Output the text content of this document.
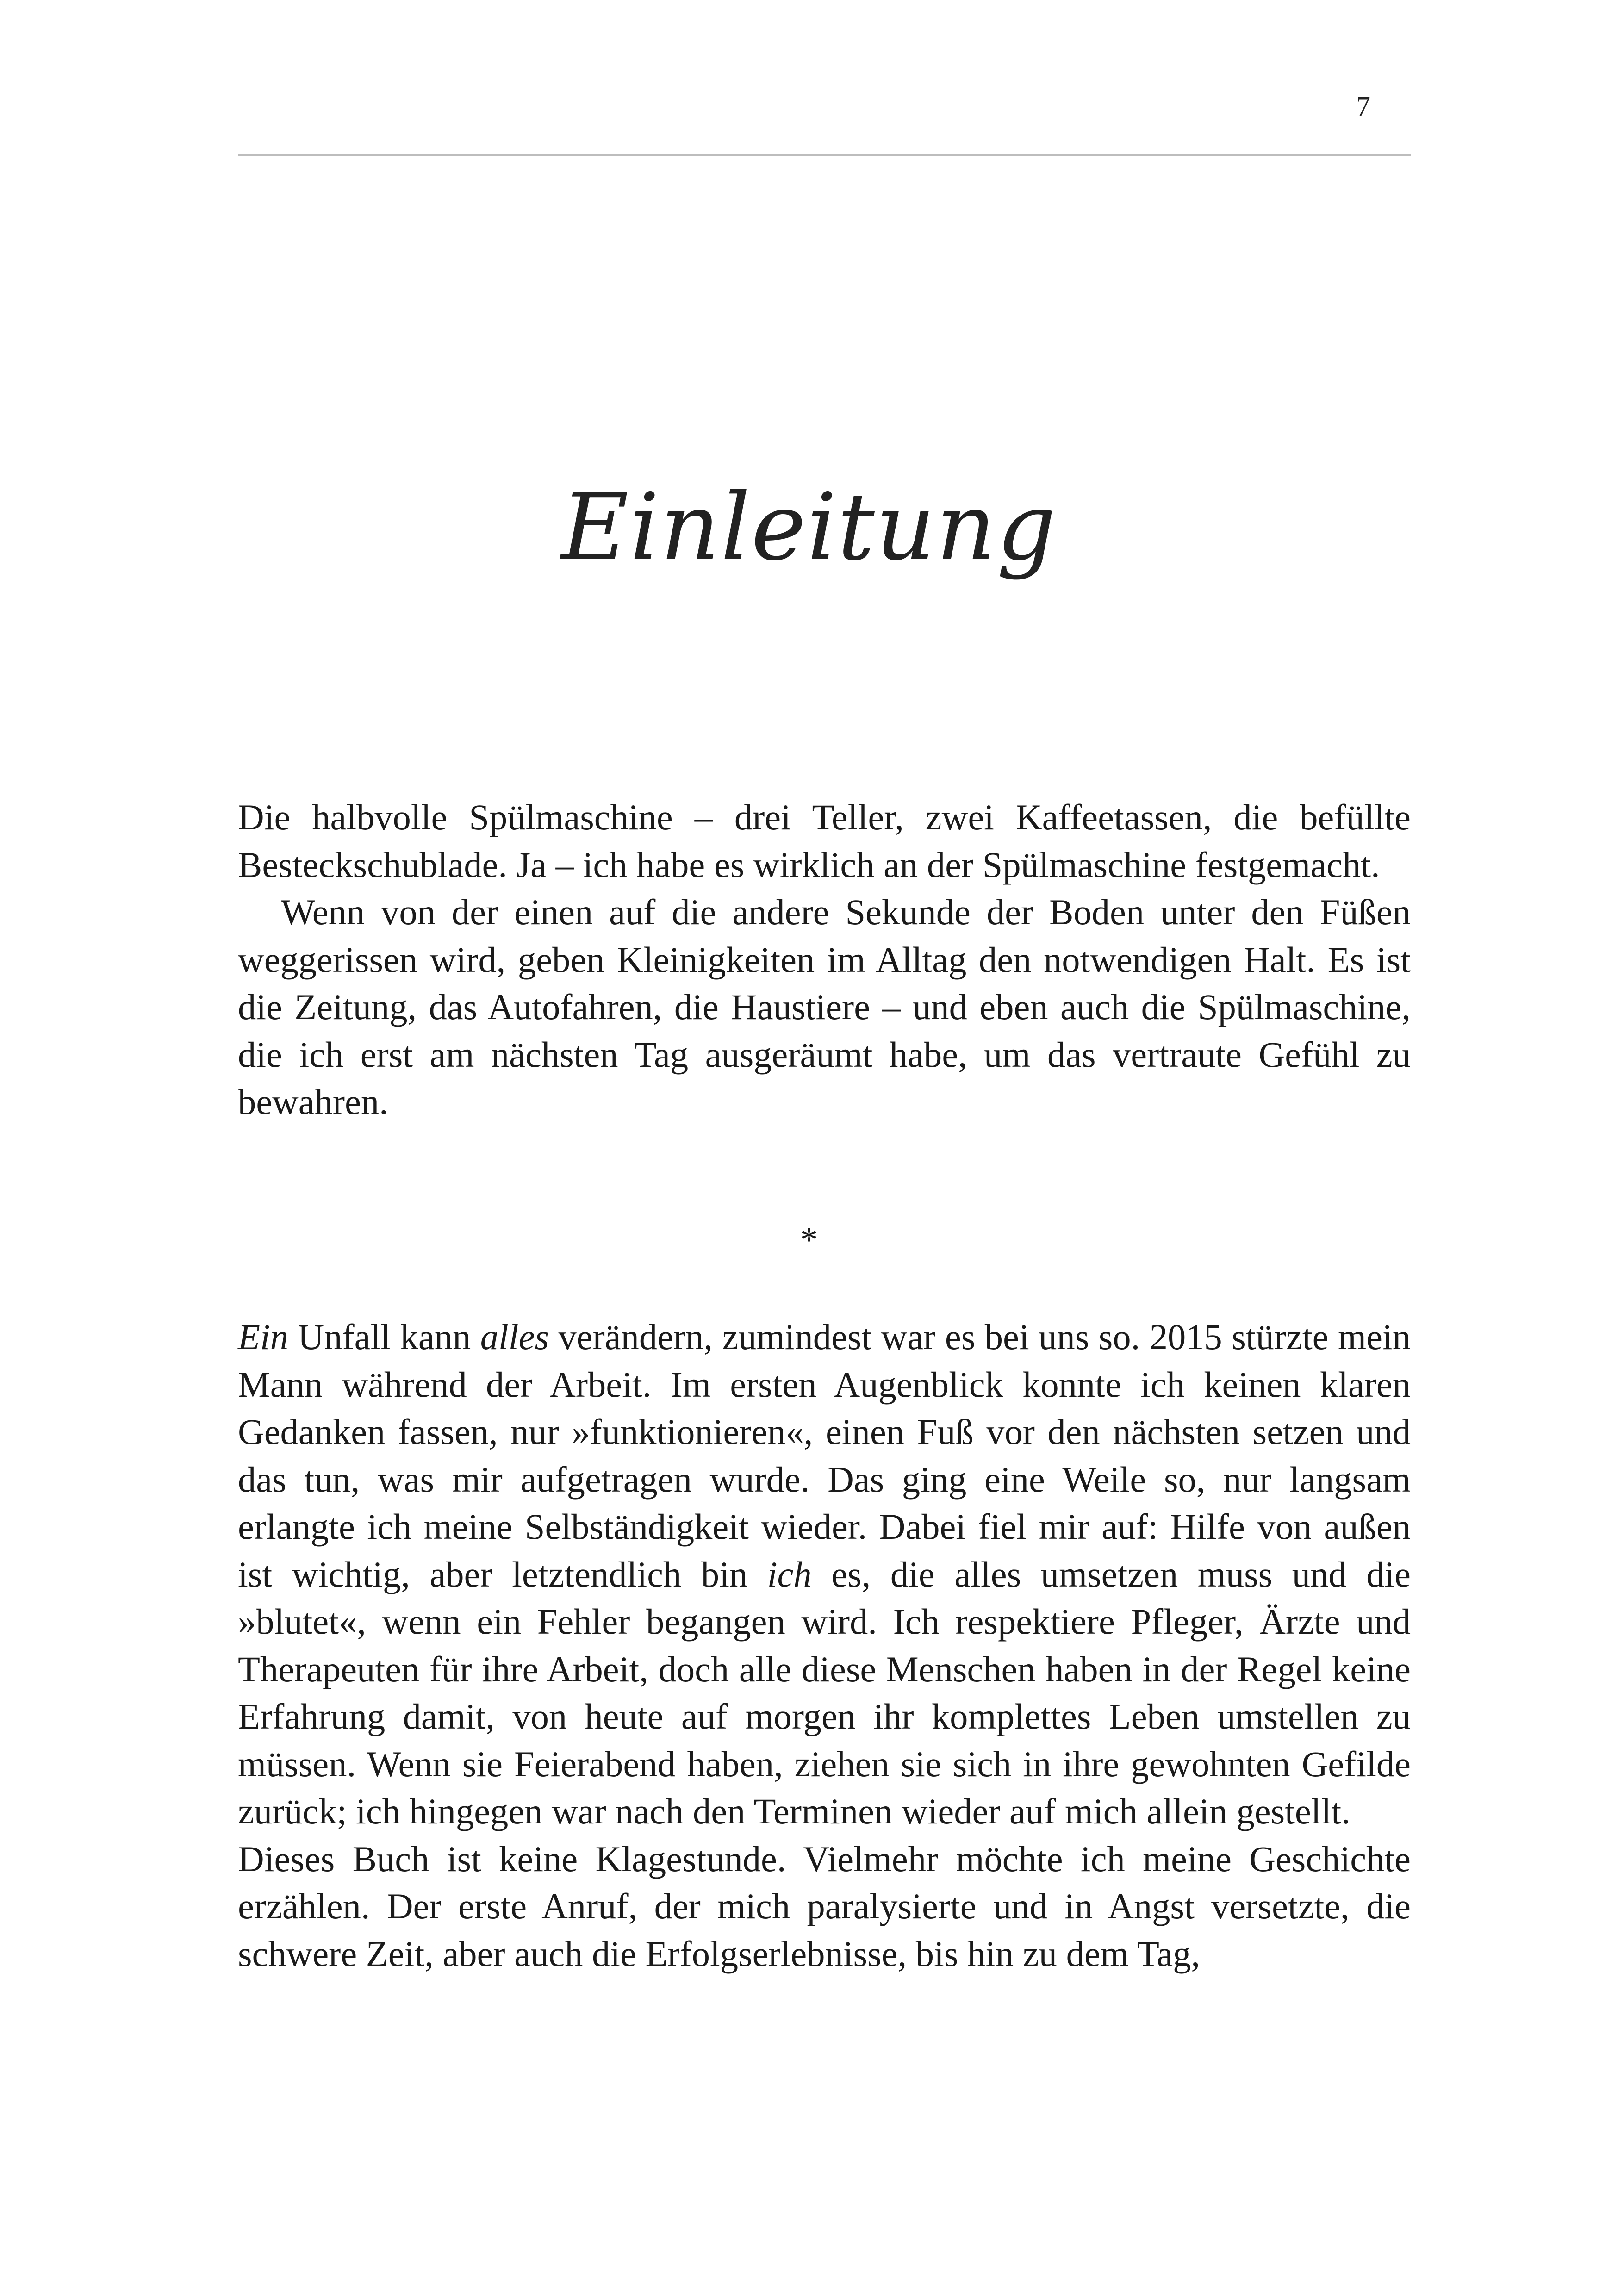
7
Einleitung

Die halbvolle Spülmaschine – drei Teller, zwei Kaffeetassen, die befüllte Besteckschublade. Ja – ich habe es wirklich an der Spülmaschine festgemacht.

Wenn von der einen auf die andere Sekunde der Boden unter den Füßen weggerissen wird, geben Kleinigkeiten im Alltag den notwendigen Halt. Es ist die Zeitung, das Autofahren, die Haustiere – und eben auch die Spülmaschine, die ich erst am nächsten Tag ausgeräumt habe, um das vertraute Gefühl zu bewahren.

*

Ein Unfall kann alles verändern, zumindest war es bei uns so. 2015 stürzte mein Mann während der Arbeit. Im ersten Augenblick konnte ich keinen klaren Gedanken fassen, nur »funktionieren«, einen Fuß vor den nächsten setzen und das tun, was mir aufgetragen wurde. Das ging eine Weile so, nur langsam erlangte ich meine Selbständigkeit wieder. Dabei fiel mir auf: Hilfe von außen ist wichtig, aber letztendlich bin ich es, die alles umsetzen muss und die »blutet«, wenn ein Fehler begangen wird. Ich respektiere Pfleger, Ärzte und Therapeuten für ihre Arbeit, doch alle diese Menschen haben in der Regel keine Erfahrung damit, von heute auf morgen ihr komplettes Leben umstellen zu müssen. Wenn sie Feierabend haben, ziehen sie sich in ihre gewohnten Gefilde zurück; ich hingegen war nach den Terminen wieder auf mich allein gestellt.

Dieses Buch ist keine Klagestunde. Vielmehr möchte ich meine Geschichte erzählen. Der erste Anruf, der mich paralysierte und in Angst versetzte, die schwere Zeit, aber auch die Erfolgserlebnisse, bis hin zu dem Tag,
